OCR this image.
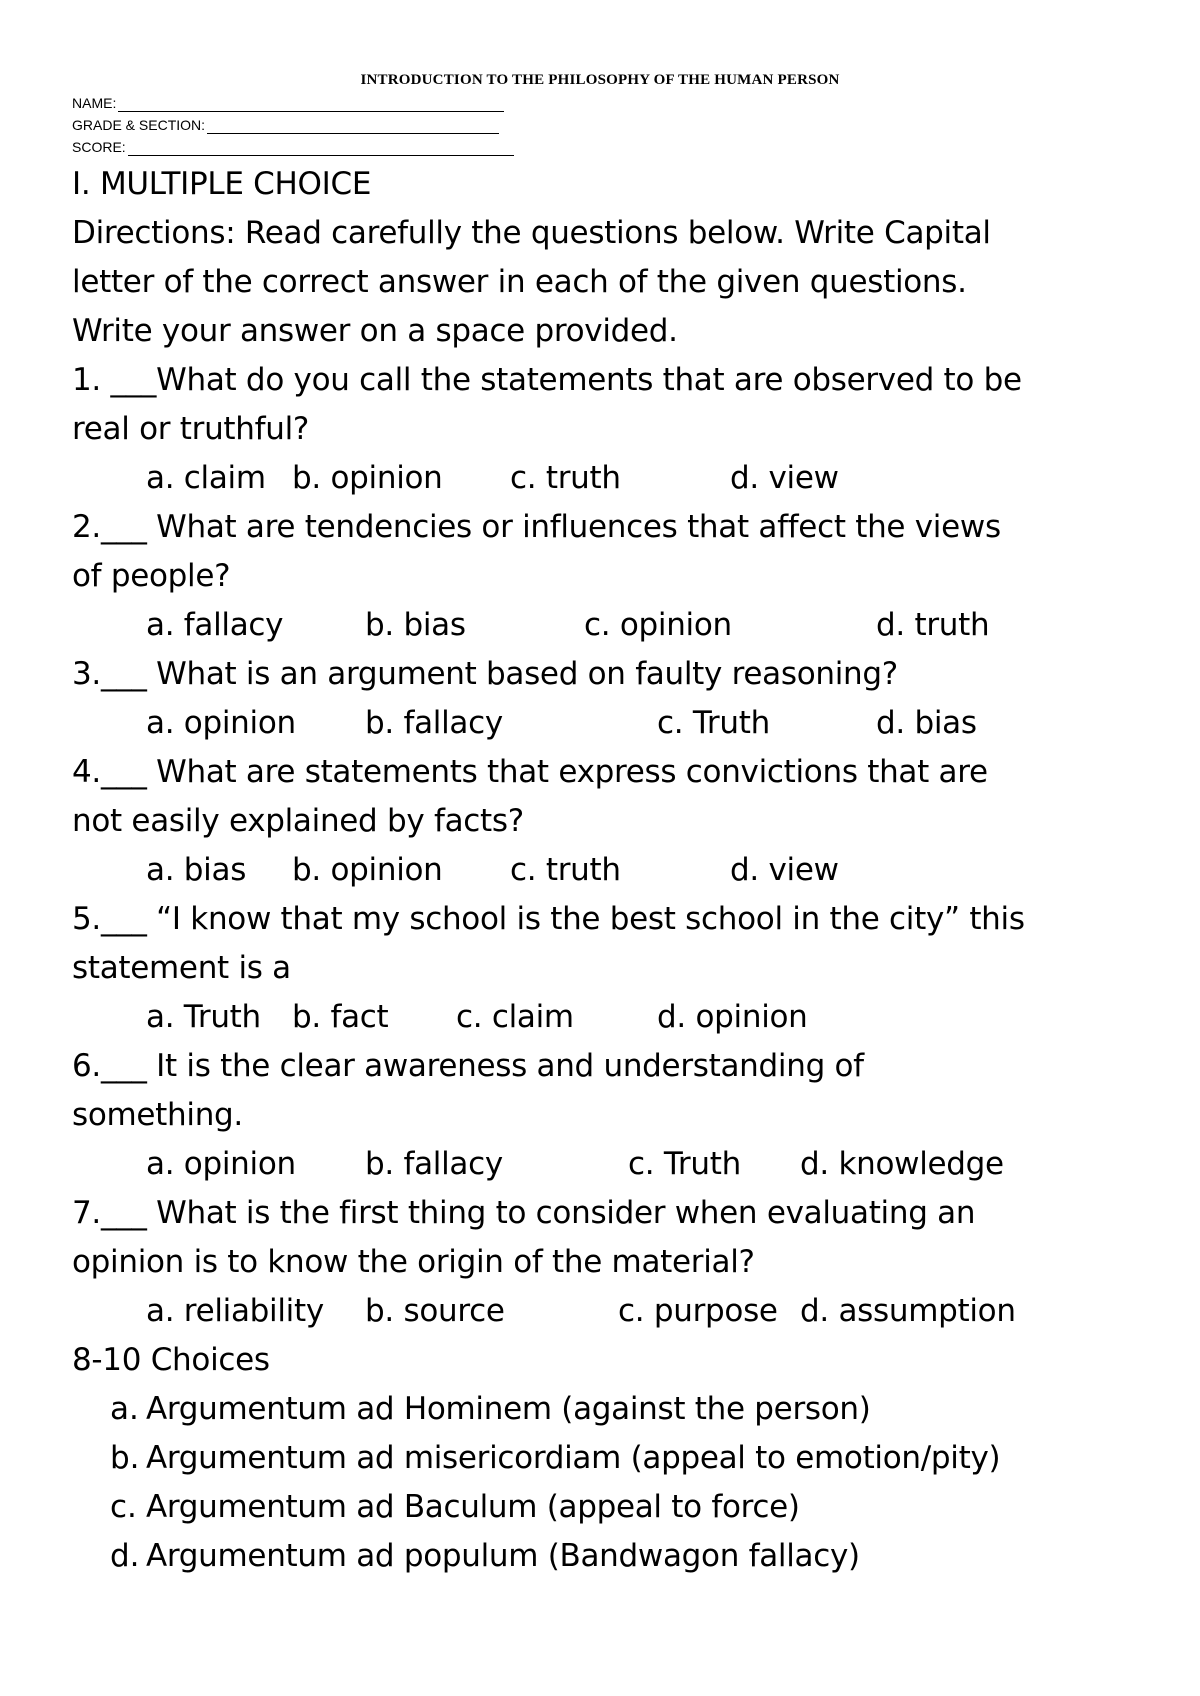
INTRODUCTION TO THE PHILOSOPHY OF THE HUMAN PERSON
NAME:
GRADE & SECTION:
SCORE:
I. MULTIPLE CHOICE
Directions: Read carefully the questions below. Write Capital
letter of the correct answer in each of the given questions.
Write your answer on a space provided.
1. ___What do you call the statements that are observed to be
real or truthful?
a. claim b. opinion c. truth	d. view
2.___ What are tendencies or influences that affect the views
of people?
a. fallacy	b. bias	c. opinion	d. truth
3.___ What is an argument based on faulty reasoning?
a. opinion b. fallacy	c. Truth	d. bias
4.___ What are statements that express convictions that are
not easily explained by facts?
a. bias b. opinion c. truth	d. view
5.___ “I know that my school is the best school in the city” this
statement is a
a. Truth b. fact c. claim	d. opinion
6.___ It is the clear awareness and understanding of
something.
a. opinion b. fallacy	c. Truth d. knowledge
7.___ What is the first thing to consider when evaluating an
opinion is to know the origin of the material?
a. reliability b. source	c. purpose d. assumption
8-10 Choices
a. Argumentum ad Hominem (against the person)
b. Argumentum ad misericordiam (appeal to emotion/pity)
c. Argumentum ad Baculum (appeal to force)
d. Argumentum ad populum (Bandwagon fallacy)
